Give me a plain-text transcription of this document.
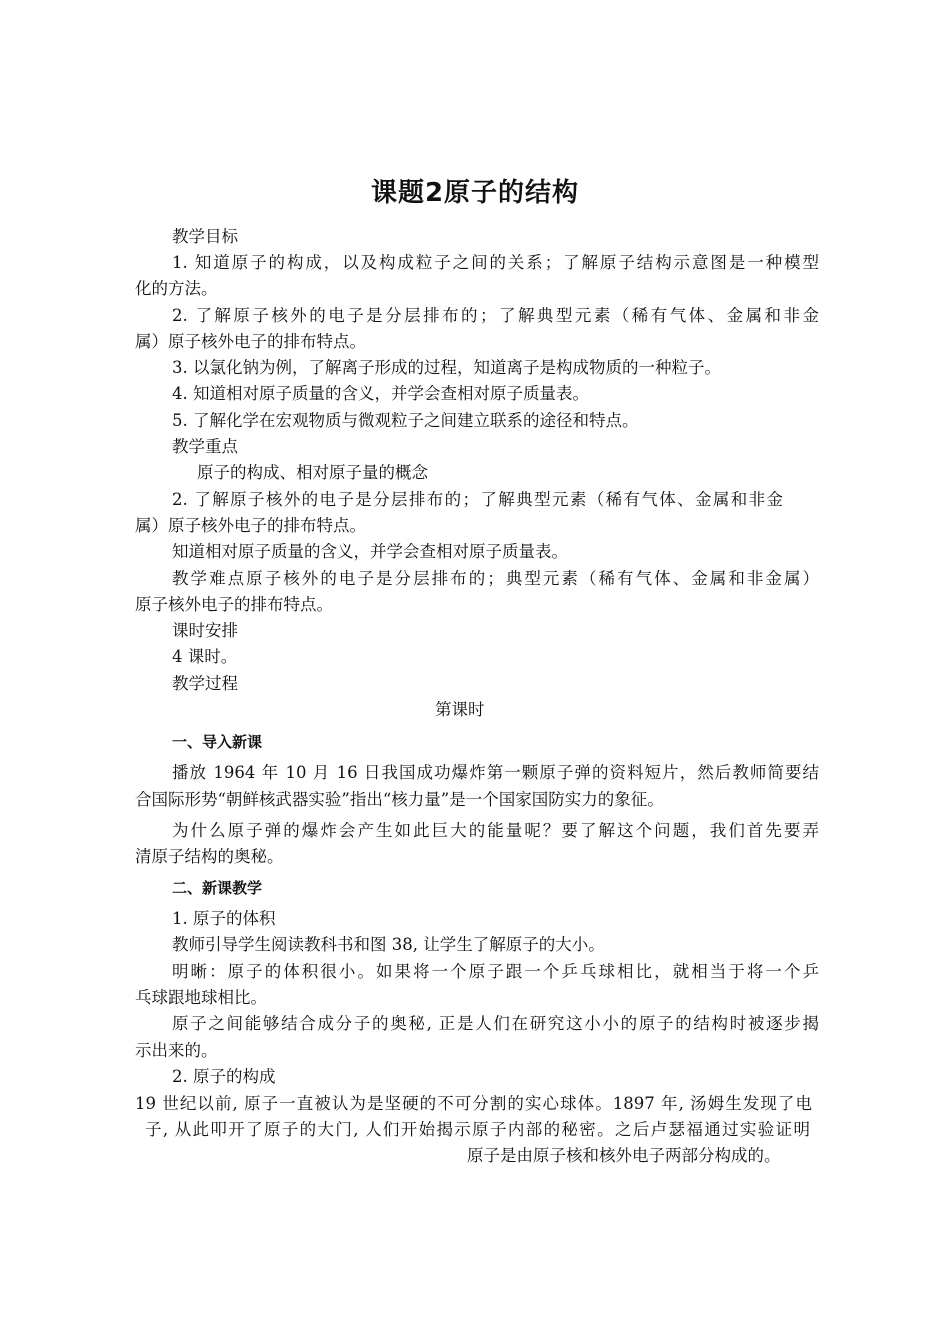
课题2原子的结构
教学目标
1. 知道原子的构成，以及构成粒子之间的关系；了解原子结构示意图是一种模型
化的方法。
2. 了解原子核外的电子是分层排布的；了解典型元素（稀有气体、金属和非金
属）原子核外电子的排布特点。
3. 以氯化钠为例，了解离子形成的过程，知道离子是构成物质的一种粒子。
4. 知道相对原子质量的含义，并学会查相对原子质量表。
5. 了解化学在宏观物质与微观粒子之间建立联系的途径和特点。
教学重点
原子的构成、相对原子量的概念
2. 了解原子核外的电子是分层排布的；了解典型元素（稀有气体、金属和非金
属）原子核外电子的排布特点。
知道相对原子质量的含义，并学会查相对原子质量表。
教学难点原子核外的电子是分层排布的；典型元素（稀有气体、金属和非金属）
原子核外电子的排布特点。
课时安排
4 课时。
教学过程
第课时
一、导入新课
播放 1964 年 10 月 16 日我国成功爆炸第一颗原子弹的资料短片，然后教师简要结
合国际形势“朝鲜核武器实验”指出“核力量”是一个国家国防实力的象征。
为什么原子弹的爆炸会产生如此巨大的能量呢？要了解这个问题，我们首先要弄
清原子结构的奥秘。
二、新课教学
1. 原子的体积
教师引导学生阅读教科书和图 38, 让学生了解原子的大小。
明晰：原子的体积很小。如果将一个原子跟一个乒乓球相比，就相当于将一个乒
乓球跟地球相比。
原子之间能够结合成分子的奥秘, 正是人们在研究这小小的原子的结构时被逐步揭
示出来的。
2. 原子的构成
19 世纪以前, 原子一直被认为是坚硬的不可分割的实心球体。1897 年, 汤姆生发现了电
子, 从此叩开了原子的大门, 人们开始揭示原子内部的秘密。之后卢瑟福通过实验证明
原子是由原子核和核外电子两部分构成的。
